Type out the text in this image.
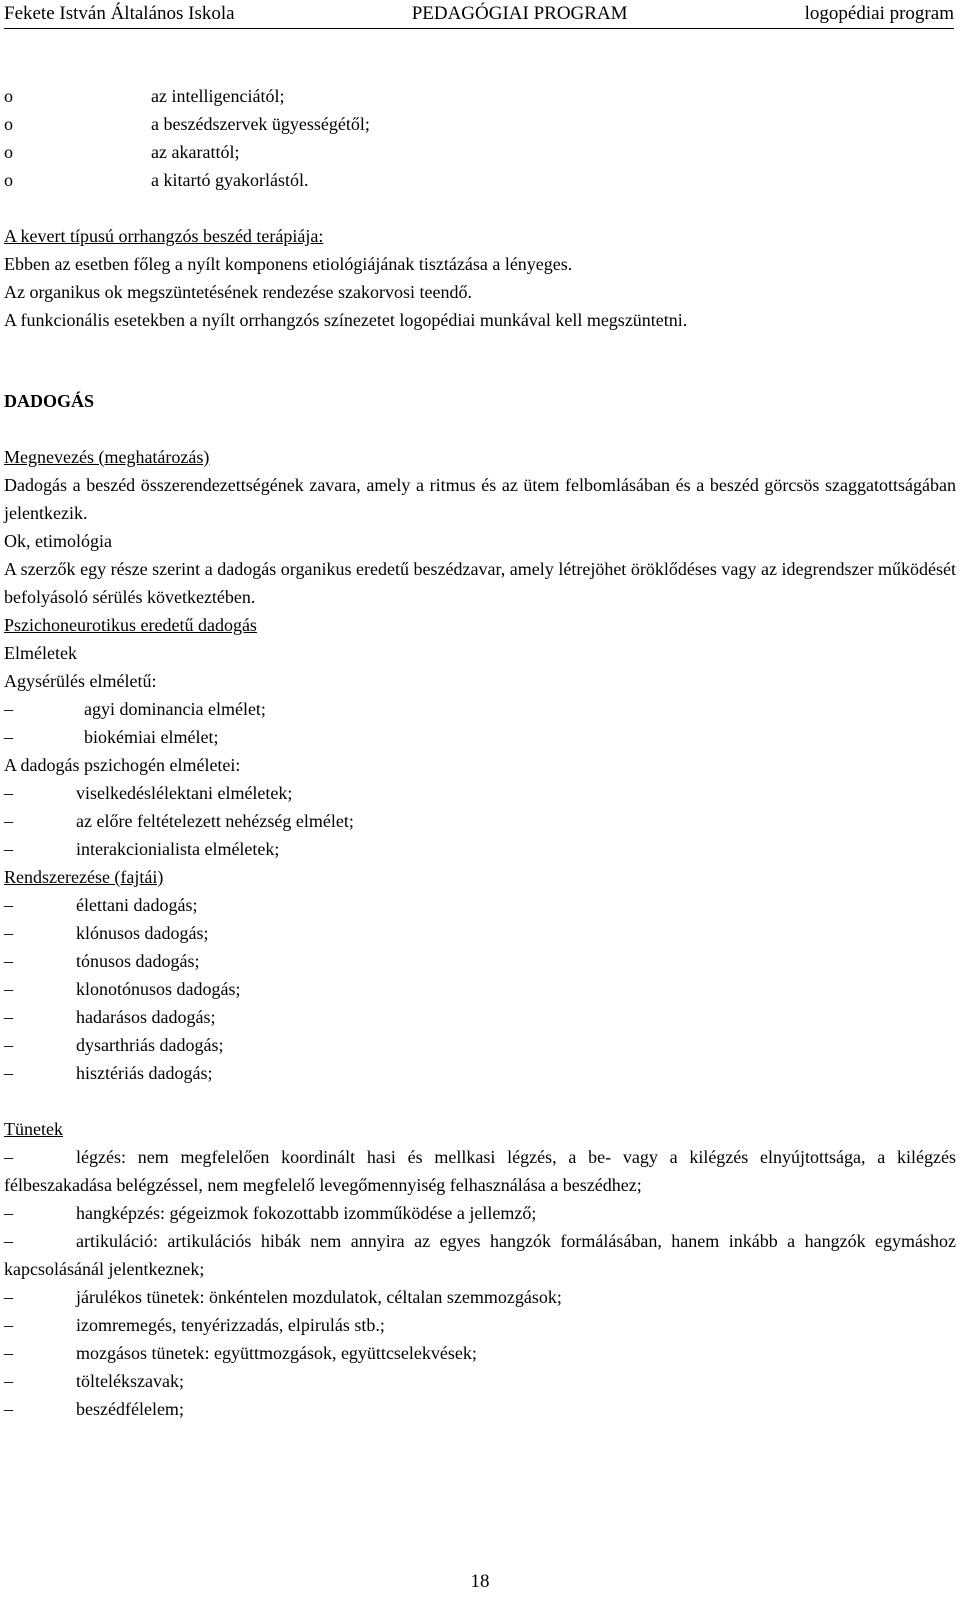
Fekete István Általános Iskola	PEDAGÓGIAI PROGRAM	logopédiai program
o	az intelligenciától;
o	a beszédszervek ügyességétől;
o	az akarattól;
o	a kitartó gyakorlástól.
A kevert típusú orrhangzós beszéd terápiája:
Ebben az esetben főleg a nyílt komponens etiológiájának tisztázása a lényeges.
Az organikus ok megszüntetésének rendezése szakorvosi teendő.
A funkcionális esetekben a nyílt orrhangzós színezetet logopédiai munkával kell megszüntetni.
DADOGÁS
Megnevezés (meghatározás)
Dadogás a beszéd összerendezettségének zavara, amely a ritmus és az ütem felbomlásában és a beszéd görcsös szaggatottságában jelentkezik.
Ok, etimológia
A szerzők egy része szerint a dadogás organikus eredetű beszédzavar, amely létrejöhet öröklődéses vagy az idegrendszer működését befolyásoló sérülés következtében.
Pszichoneurotikus eredetű dadogás
Elméletek
Agysérülés elméletű:
–	agyi dominancia elmélet;
–	biokémiai elmélet;
A dadogás pszichogén elméletei:
–	viselkedéslélektani elméletek;
–	az előre feltételezett nehézség elmélet;
–	interakcionialista elméletek;
Rendszerezése (fajtái)
–	élettani dadogás;
–	klónusos dadogás;
–	tónusos dadogás;
–	klonotónusos dadogás;
–	hadarásos dadogás;
–	dysarthriás dadogás;
–	hisztériás dadogás;
Tünetek
–	légzés: nem megfelelően koordinált hasi és mellkasi légzés, a be- vagy a kilégzés elnyújtottsága, a kilégzés félbeszakadása belégzéssel, nem megfelelő levegőmennyiség felhasználása a beszédhez;
–	hangképzés: gégeizmok fokozottabb izomműködése a jellemző;
–	artikuláció: artikulációs hibák nem annyira az egyes hangzók formálásában, hanem inkább a hangzók egymáshoz kapcsolásánál jelentkeznek;
–	járulékos tünetek: önkéntelen mozdulatok, céltalan szemmozgások;
–	izomremegés, tenyérizzadás, elpirulás stb.;
–	mozgásos tünetek: együttmozgások, együttcselekvések;
–	töltelékszavak;
–	beszédfélelem;
18
